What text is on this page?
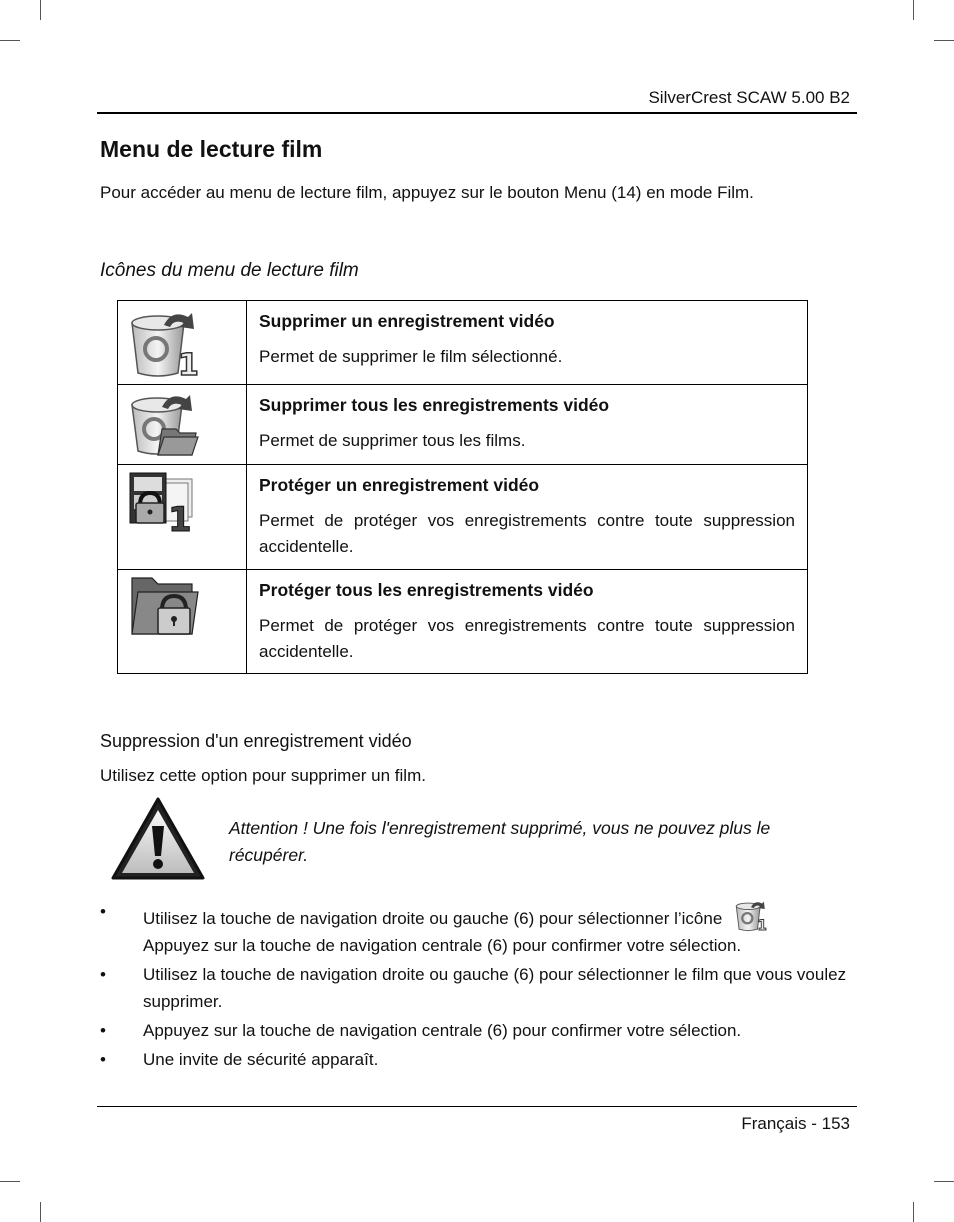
SilverCrest SCAW 5.00 B2
Menu de lecture film
Pour accéder au menu de lecture film, appuyez sur le bouton Menu (14) en mode Film.
Icônes du menu de lecture film
1	Supprimer un enregistrement vidéo
Permet de supprimer le film sélectionné.

Supprimer tous les enregistrements vidéo
Permet de supprimer tous les films.

1	Protéger un enregistrement vidéo
Permet de protéger vos enregistrements contre toute suppression accidentelle.

Protéger tous les enregistrements vidéo
Permet de protéger vos enregistrements contre toute suppression accidentelle.
Suppression d'un enregistrement vidéo
Utilisez cette option pour supprimer un film.
Attention ! Une fois l'enregistrement supprimé, vous ne pouvez plus le récupérer.
• Utilisez la touche de navigation droite ou gauche (6) pour sélectionner l’icône 1

Appuyez sur la touche de navigation centrale (6) pour confirmer votre sélection.
• Utilisez la touche de navigation droite ou gauche (6) pour sélectionner le film que vous voulez supprimer.
• Appuyez sur la touche de navigation centrale (6) pour confirmer votre sélection.
• Une invite de sécurité apparaît.
Français - 153
